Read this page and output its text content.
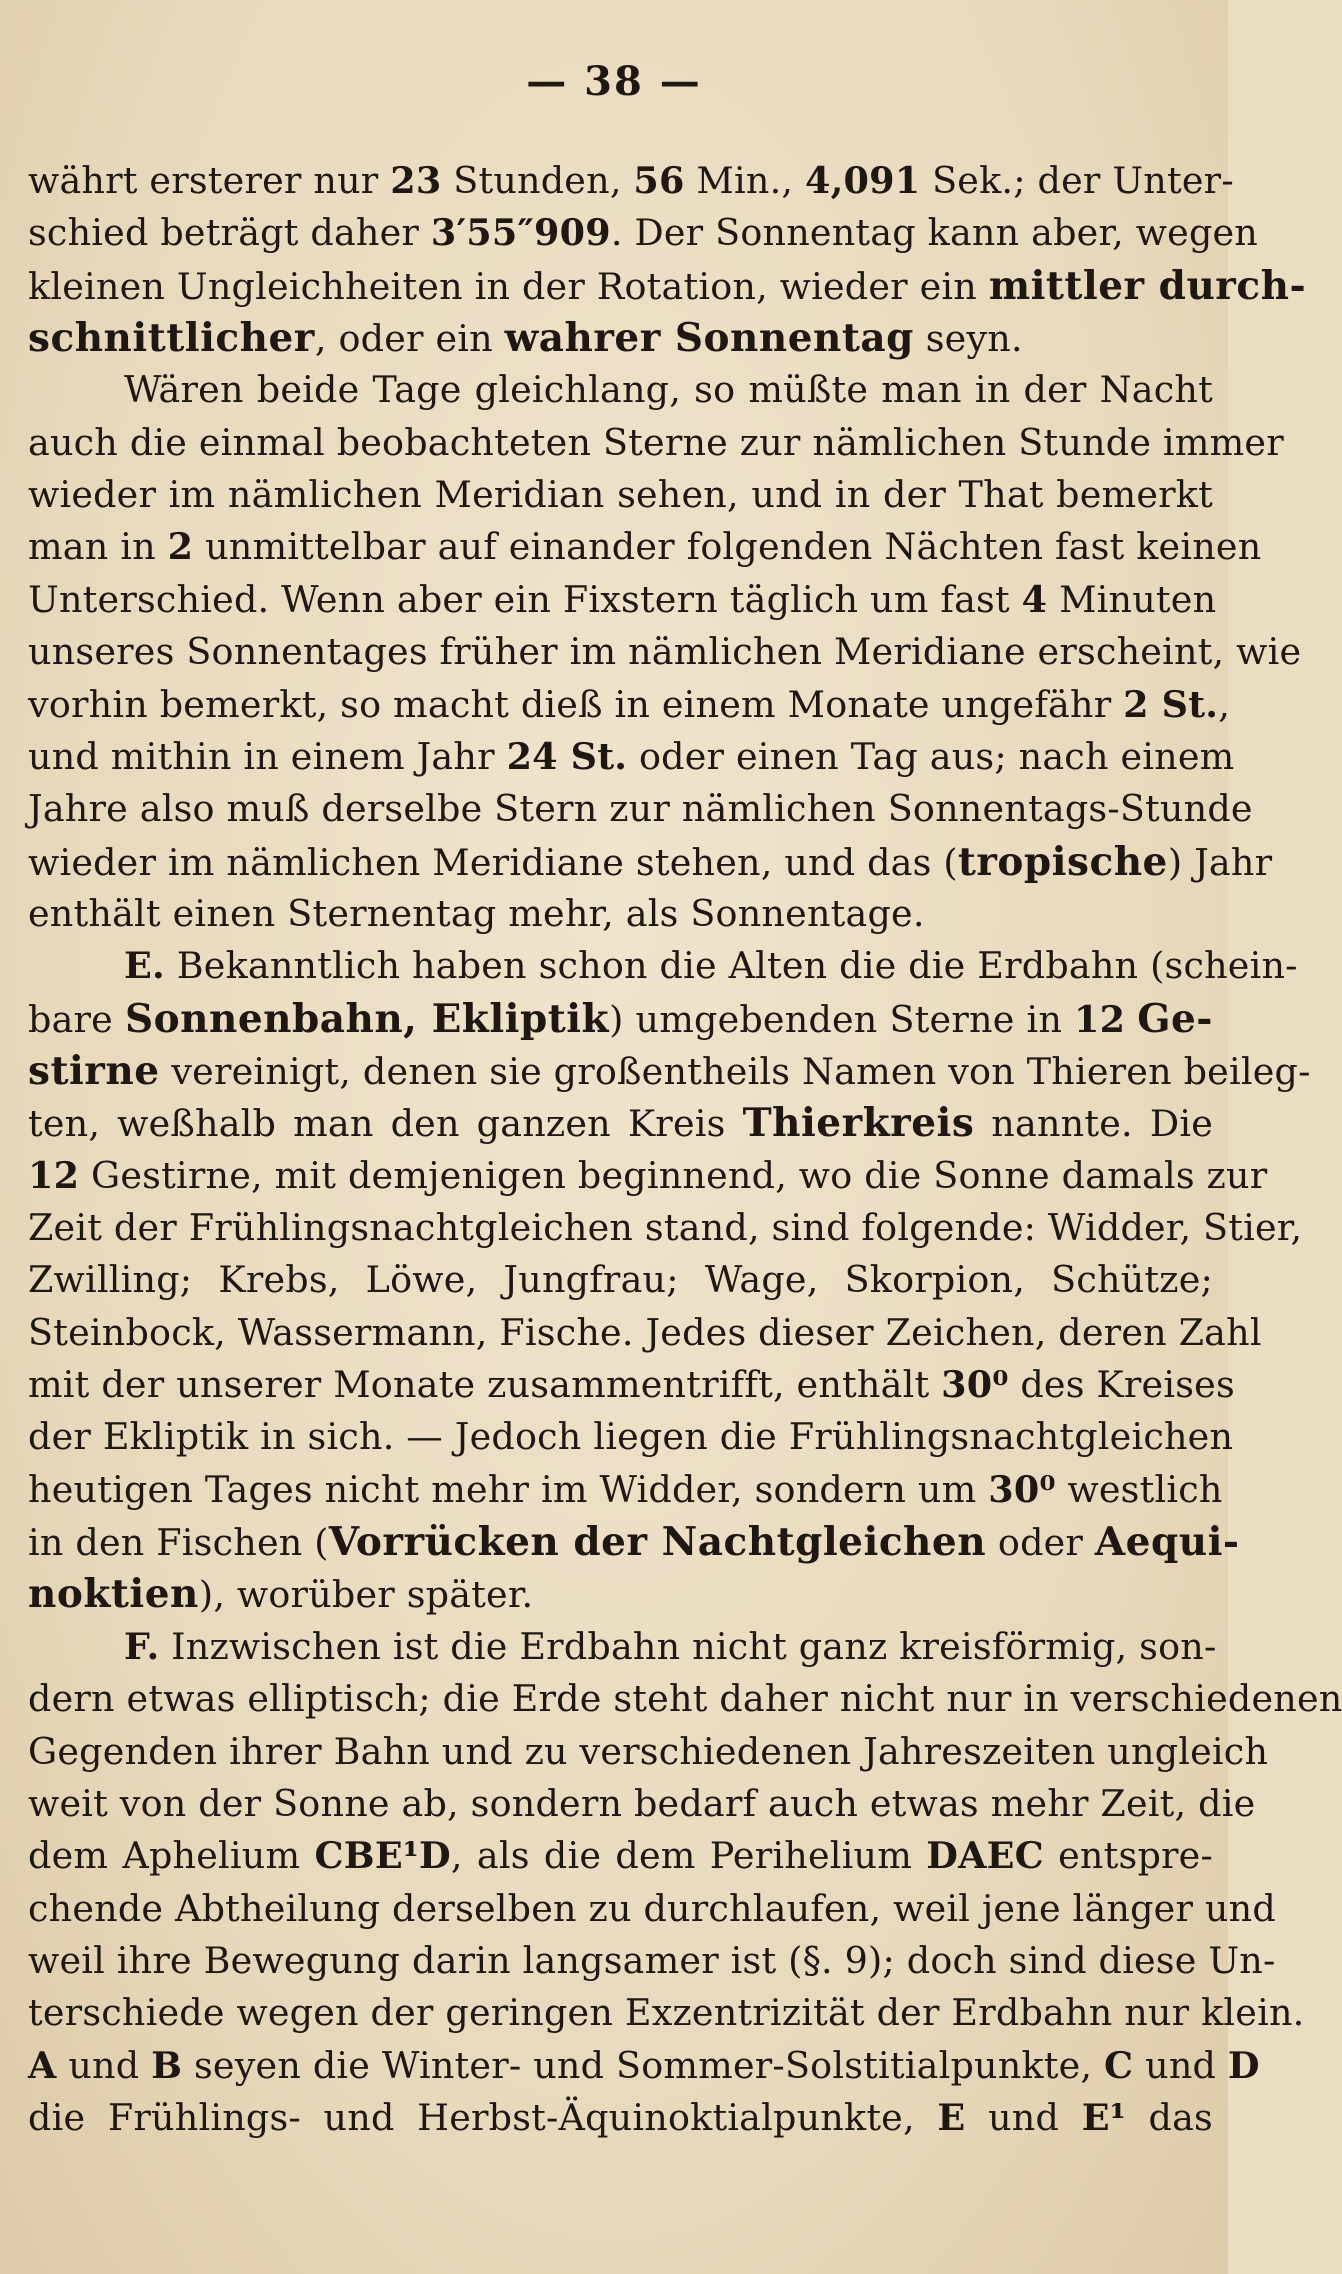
— 38 —
währt ersterer nur 23 Stunden, 56 Min., 4,091 Sek.; der Unter-
schied beträgt daher 3′55″909. Der Sonnentag kann aber, wegen
kleinen Ungleichheiten in der Rotation, wieder ein mittler durch-
schnittlicher, oder ein wahrer Sonnentag seyn.
Wären beide Tage gleichlang, so müßte man in der Nacht
auch die einmal beobachteten Sterne zur nämlichen Stunde immer
wieder im nämlichen Meridian sehen, und in der That bemerkt
man in 2 unmittelbar auf einander folgenden Nächten fast keinen
Unterschied. Wenn aber ein Fixstern täglich um fast 4 Minuten
unseres Sonnentages früher im nämlichen Meridiane erscheint, wie
vorhin bemerkt, so macht dieß in einem Monate ungefähr 2 St.,
und mithin in einem Jahr 24 St. oder einen Tag aus; nach einem
Jahre also muß derselbe Stern zur nämlichen Sonnentags-Stunde
wieder im nämlichen Meridiane stehen, und das (tropische) Jahr
enthält einen Sternentag mehr, als Sonnentage.
E. Bekanntlich haben schon die Alten die die Erdbahn (schein-
bare Sonnenbahn, Ekliptik) umgebenden Sterne in 12 Ge-
stirne vereinigt, denen sie großentheils Namen von Thieren beileg-
ten, weßhalb man den ganzen Kreis Thierkreis nannte. Die
12 Gestirne, mit demjenigen beginnend, wo die Sonne damals zur
Zeit der Frühlingsnachtgleichen stand, sind folgende: Widder, Stier,
Zwilling; Krebs, Löwe, Jungfrau; Wage, Skorpion, Schütze;
Steinbock, Wassermann, Fische. Jedes dieser Zeichen, deren Zahl
mit der unserer Monate zusammentrifft, enthält 30⁰ des Kreises
der Ekliptik in sich. — Jedoch liegen die Frühlingsnachtgleichen
heutigen Tages nicht mehr im Widder, sondern um 30⁰ westlich
in den Fischen (Vorrücken der Nachtgleichen oder Aequi-
noktien), worüber später.
F. Inzwischen ist die Erdbahn nicht ganz kreisförmig, son-
dern etwas elliptisch; die Erde steht daher nicht nur in verschiedenen
Gegenden ihrer Bahn und zu verschiedenen Jahreszeiten ungleich
weit von der Sonne ab, sondern bedarf auch etwas mehr Zeit, die
dem Aphelium CBE¹D, als die dem Perihelium DAEC entspre-
chende Abtheilung derselben zu durchlaufen, weil jene länger und
weil ihre Bewegung darin langsamer ist (§. 9); doch sind diese Un-
terschiede wegen der geringen Exzentrizität der Erdbahn nur klein.
A und B seyen die Winter- und Sommer-Solstitialpunkte, C und D
die Frühlings- und Herbst-Äquinoktialpunkte, E und E¹ das
